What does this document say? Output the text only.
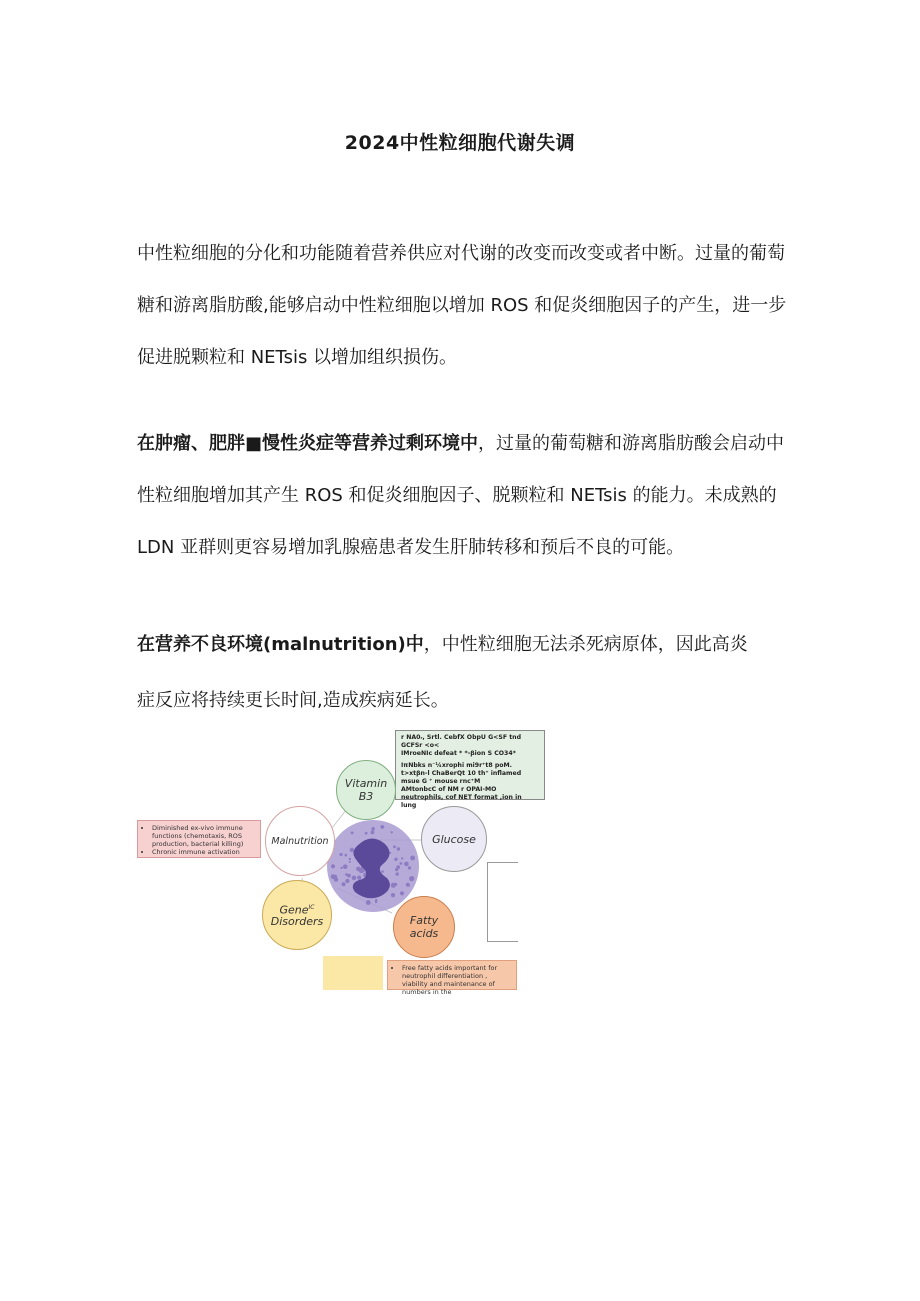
2024中性粒细胞代谢失调

中性粒细胞的分化和功能随着营养供应对代谢的改变而改变或者中断。过量的葡萄糖和游离脂肪酸,能够启动中性粒细胞以增加 ROS 和促炎细胞因子的产生，进一步促进脱颗粒和 NETsis 以增加组织损伤。

在肿瘤、肥胖■慢性炎症等营养过剩环境中，过量的葡萄糖和游离脂肪酸会启动中性粒细胞增加其产生 ROS 和促炎细胞因子、脱颗粒和 NETsis 的能力。未成熟的 LDN 亚群则更容易增加乳腺癌患者发生肝肺转移和预后不良的可能。

在营养不良环境(malnutrition)中，中性粒细胞无法杀死病原体，因此高炎症反应将持续更长时间,造成疾病延长。

r NA0ᵣ, Srtl. CebfX ObpU G<SF tnd
GCFSr <o<
IMroeNIc defeat * *-βion S CO34*
IπNbks n⁻¼xrophi mi9r⁺t8 poM.
t>xtβn-l ChaBerQt 10 th⁺ inflamed
msue G ⁺ mouse rnc⁺M
AMtonbcC of NM r OPAI-MO
neutrophils, cof NET format ,ion in lung
• Diminished ex-vivo immune functions (chemotaxis, ROS production, bacterial killing)
• Chronic immune activation
• Free fatty acids important for neutrophil differentiation , viability and maintenance of numbers in the
Vitamin B3
Malnutrition	Glucose
Gene$^{IC}$
Disorders	Fatty acids
